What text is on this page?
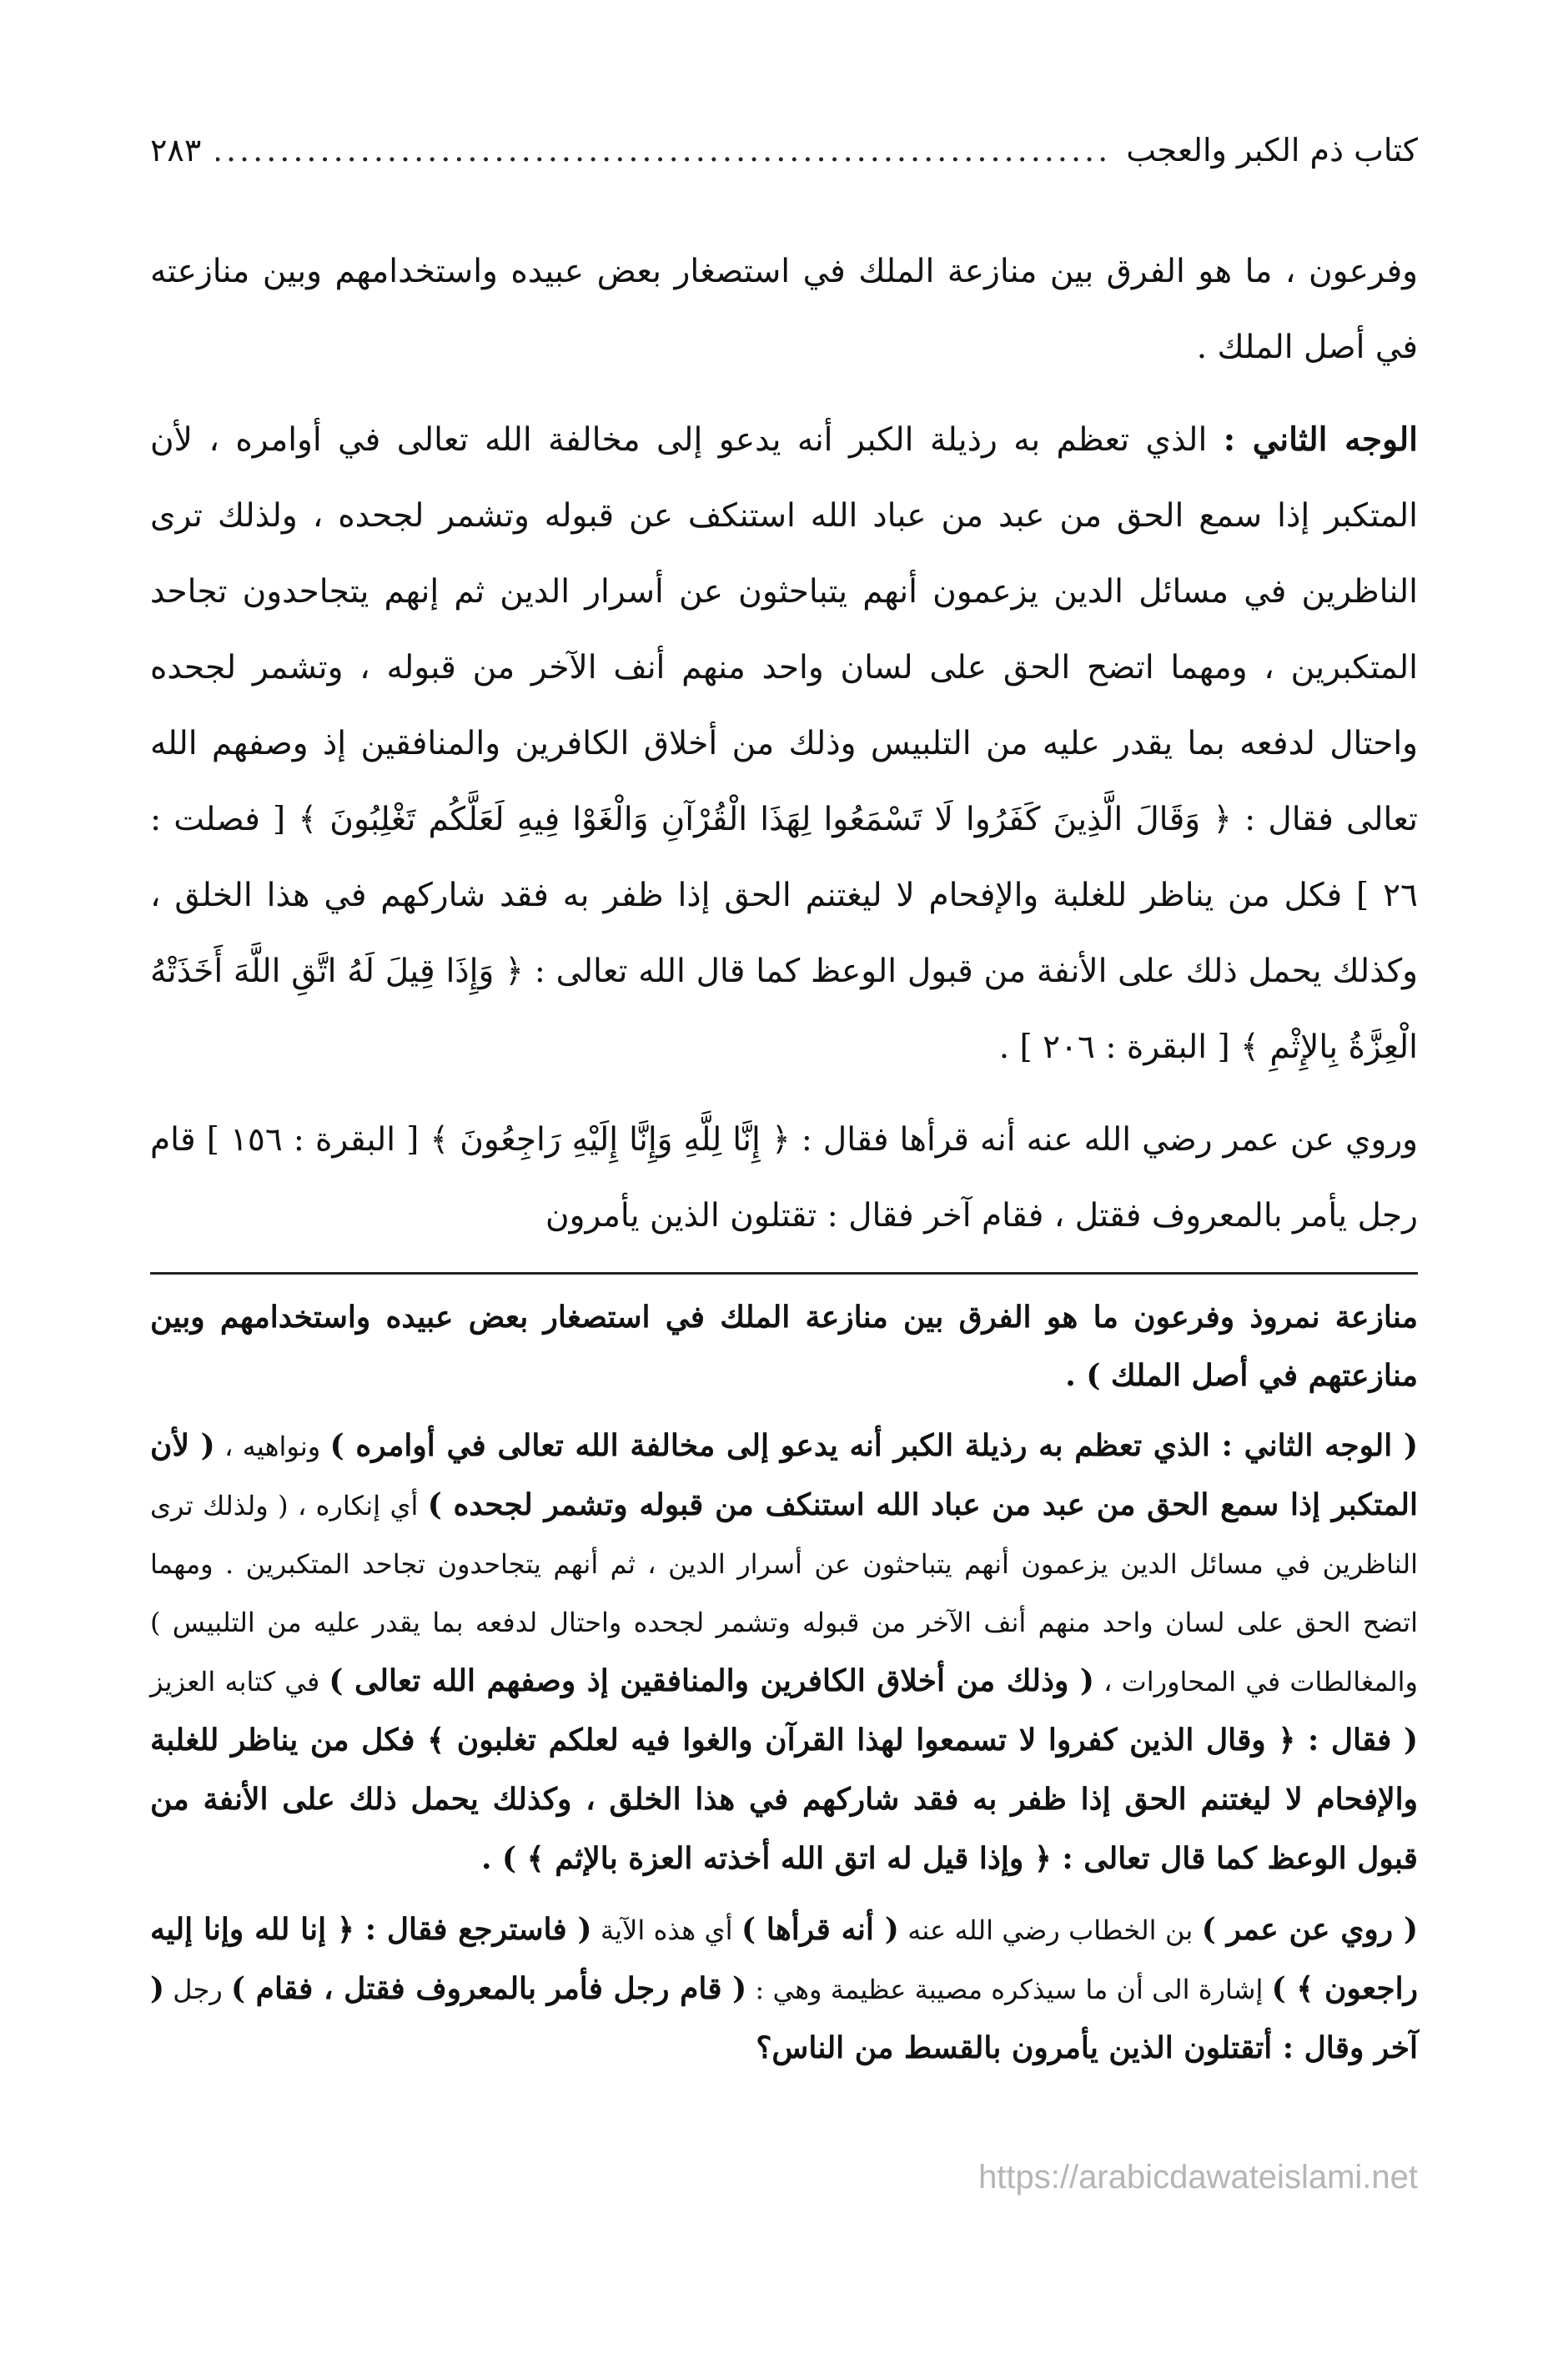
كتاب ذم الكبر والعجب
.....
٢٨٣

وفرعون ، ما هو الفرق بين منازعة الملك في استصغار بعض عبيده واستخدامهم وبين منازعته في أصل الملك .

الوجه الثاني : الذي تعظم به رذيلة الكبر أنه يدعو إلى مخالفة الله تعالى في أوامره ، لأن المتكبر إذا سمع الحق من عبد من عباد الله استنكف عن قبوله وتشمر لجحده ، ولذلك ترى الناظرين في مسائل الدين يزعمون أنهم يتباحثون عن أسرار الدين ثم إنهم يتجاحدون تجاحد المتكبرين ، ومهما اتضح الحق على لسان واحد منهم أنف الآخر من قبوله ، وتشمر لجحده واحتال لدفعه بما يقدر عليه من التلبيس وذلك من أخلاق الكافرين والمنافقين إذ وصفهم الله تعالى فقال : ﴿ وَقَالَ الَّذِينَ كَفَرُوا لَا تَسْمَعُوا لِهَذَا الْقُرْآنِ وَالْغَوْا فِيهِ لَعَلَّكُم تَغْلِبُونَ ﴾ [ فصلت : ٢٦ ] فكل من يناظر للغلبة والإفحام لا ليغتنم الحق إذا ظفر به فقد شاركهم في هذا الخلق ، وكذلك يحمل ذلك على الأنفة من قبول الوعظ كما قال الله تعالى : ﴿ وَإِذَا قِيلَ لَهُ اتَّقِ اللَّهَ أَخَذَتْهُ الْعِزَّةُ بِالإِثْمِ ﴾ [ البقرة : ٢٠٦ ] .

وروي عن عمر رضي الله عنه أنه قرأها فقال : ﴿ إِنَّا لِلَّهِ وَإِنَّا إِلَيْهِ رَاجِعُونَ ﴾ [ البقرة : ١٥٦ ] قام رجل يأمر بالمعروف فقتل ، فقام آخر فقال : تقتلون الذين يأمرون

منازعة نمروذ وفرعون ما هو الفرق بين منازعة الملك في استصغار بعض عبيده واستخدامهم وبين منازعتهم في أصل الملك ) .

( الوجه الثاني : الذي تعظم به رذيلة الكبر أنه يدعو إلى مخالفة الله تعالى في أوامره ) ونواهيه ، ( لأن المتكبر إذا سمع الحق من عبد من عباد الله استنكف من قبوله وتشمر لجحده ) أي إنكاره ، ( ولذلك ترى الناظرين في مسائل الدين يزعمون أنهم يتباحثون عن أسرار الدين ، ثم أنهم يتجاحدون تجاحد المتكبرين . ومهما اتضح الحق على لسان واحد منهم أنف الآخر من قبوله وتشمر لجحده واحتال لدفعه بما يقدر عليه من التلبيس ) والمغالطات في المحاورات ، ( وذلك من أخلاق الكافرين والمنافقين إذ وصفهم الله تعالى ) في كتابه العزيز ( فقال : ﴿ وقال الذين كفروا لا تسمعوا لهذا القرآن والغوا فيه لعلكم تغلبون ﴾ فكل من يناظر للغلبة والإفحام لا ليغتنم الحق إذا ظفر به فقد شاركهم في هذا الخلق ، وكذلك يحمل ذلك على الأنفة من قبول الوعظ كما قال تعالى : ﴿ وإذا قيل له اتق الله أخذته العزة بالإثم ﴾ ) .

( روي عن عمر ) بن الخطاب رضي الله عنه ( أنه قرأها ) أي هذه الآية ( فاسترجع فقال : ﴿ إنا لله وإنا إليه راجعون ﴾ ) إشارة الى أن ما سيذكره مصيبة عظيمة وهي : ( قام رجل فأمر بالمعروف فقتل ، فقام ) رجل ( آخر وقال : أتقتلون الذين يأمرون بالقسط من الناس؟

https://arabicdawateislami.net
